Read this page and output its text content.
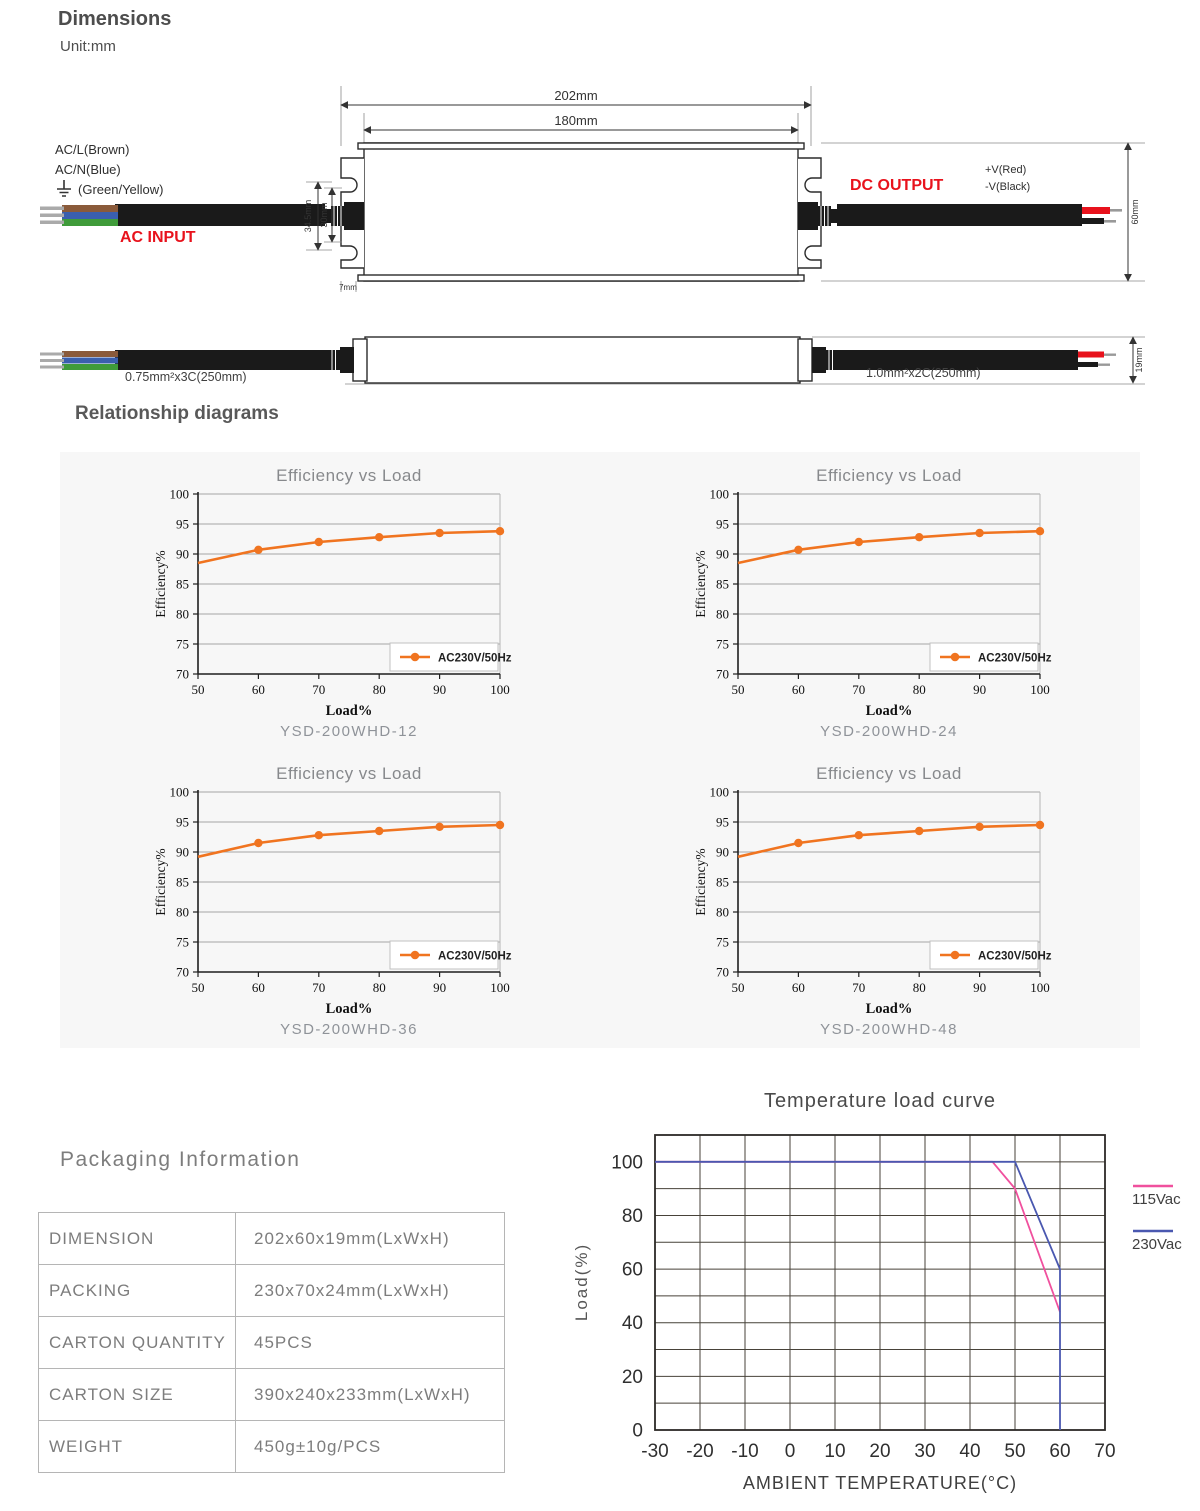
Dimensions
Unit:mm
202mm
180mm
AC/L(Brown)
AC/N(Blue)
(Green/Yellow)
AC INPUT
34.5mm 30mm
7mm
DC OUTPUT
+V(Red)
-V(Black)
60mm
0.75mm²x3C(250mm)	1.0mm²x2C(250mm)
19mm
Relationship diagrams
Efficiency vs Load
70
75
80
85
90
95
100
50	60	70	80	90	100
Efficiency%
Load%
YSD-200WHD-12
AC230V/50Hz
Efficiency vs Load
70
75
80
85
90
95
100
50	60	70	80	90	100
Efficiency%
Load%
YSD-200WHD-24
AC230V/50Hz
Efficiency vs Load
70
75
80
85
90
95
100
50	60	70	80	90	100
Efficiency%
Load%
YSD-200WHD-36
AC230V/50Hz
Efficiency vs Load
70
75
80
85
90
95
100
50	60	70	80	90	100
Efficiency%
Load%
YSD-200WHD-48
AC230V/50Hz
Packaging Information
DIMENSION	202x60x19mm(LxWxH)
PACKING	230x70x24mm(LxWxH)
CARTON QUANTITY	45PCS
CARTON SIZE	390x240x233mm(LxWxH)
WEIGHT	450g±10g/PCS
Temperature load curve
0
20
40
60
80
100
-30 -20 -10 0 10 20 30 40 50 60 70
Load(%)
AMBIENT TEMPERATURE(°C)
115Vac
230Vac
